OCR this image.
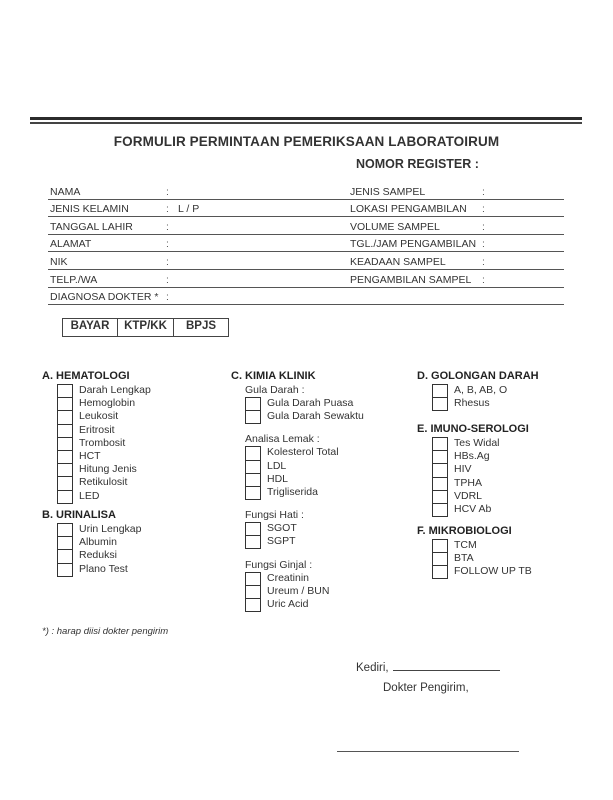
FORMULIR PERMINTAAN PEMERIKSAAN LABORATOIRUM
NOMOR REGISTER :
NAMA	:	JENIS SAMPEL	:
JENIS KELAMIN	: L / P	LOKASI PENGAMBILAN :
TANGGAL LAHIR	:	VOLUME SAMPEL	:
ALAMAT	:	TGL./JAM PENGAMBILAN :
NIK	:	KEADAAN SAMPEL	:
TELP./WA	:	PENGAMBILAN SAMPEL :
DIAGNOSA DOKTER * :
BAYAR	KTP/KK	BPJS
A. HEMATOLOGI
Darah Lengkap
Hemoglobin
Leukosit
Eritrosit
Trombosit
HCT
Hitung Jenis
Retikulosit
LED
B. URINALISA
Urin Lengkap
Albumin
Reduksi
Plano Test
C. KIMIA KLINIK
Gula Darah :
Gula Darah Puasa
Gula Darah Sewaktu
Analisa Lemak :
Kolesterol Total
LDL
HDL
Trigliserida
Fungsi Hati :
SGOT
SGPT
Fungsi Ginjal :
Creatinin
Ureum / BUN
Uric Acid
D. GOLONGAN DARAH
A, B, AB, O
Rhesus
E. IMUNO-SEROLOGI
Tes Widal
HBs.Ag
HIV
TPHA
VDRL
HCV Ab
F. MIKROBIOLOGI
TCM
BTA
FOLLOW UP TB
*) : harap diisi dokter pengirim
Kediri,
Dokter Pengirim,
